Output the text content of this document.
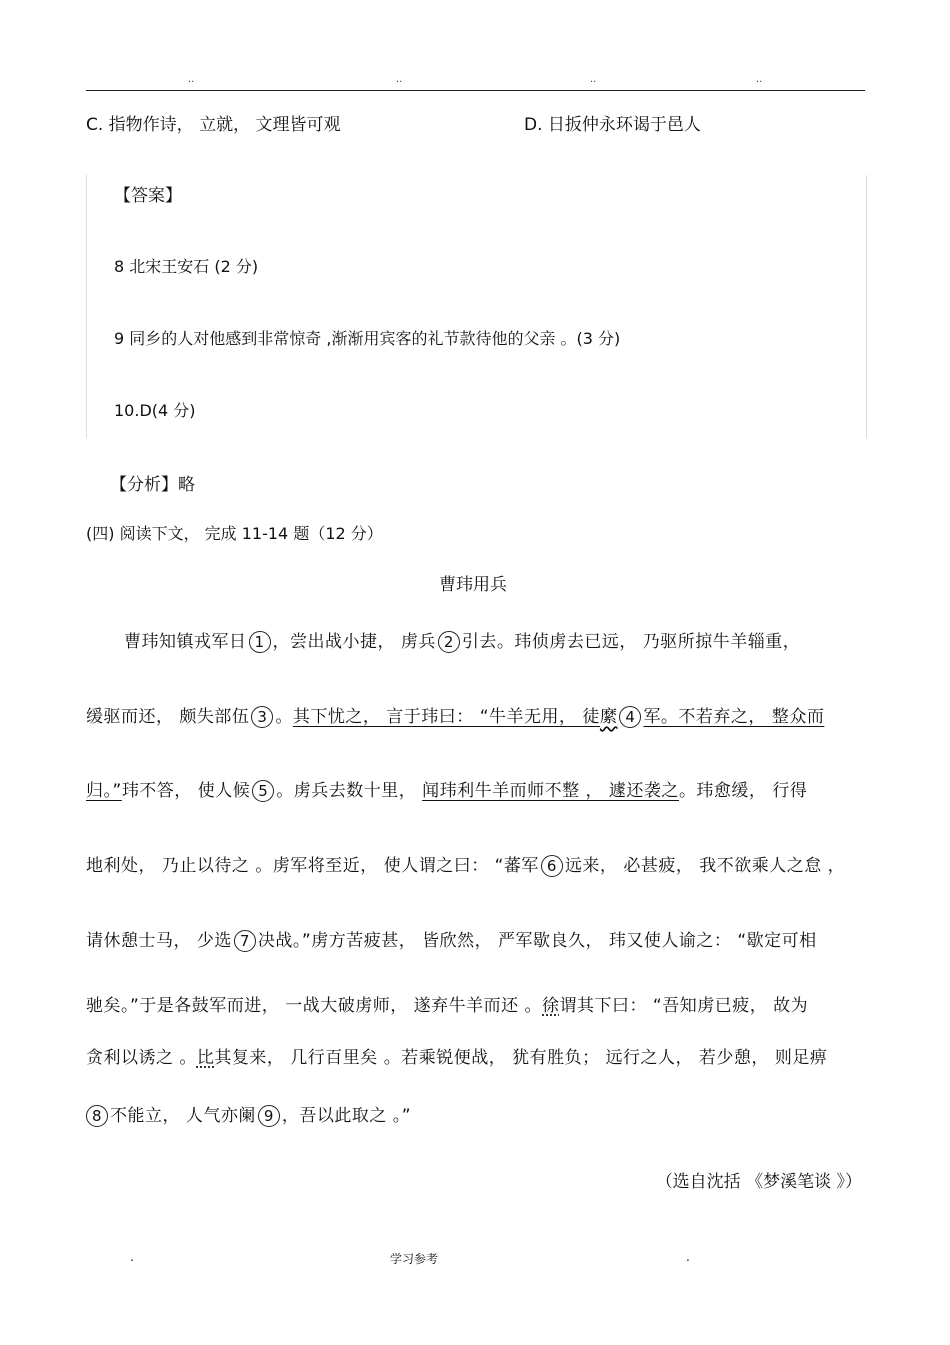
..	..	..	..
C. 指物作诗， 立就， 文理皆可观	D. 日扳仲永环谒于邑人
【答案】
8 北宋王安石 (2 分)
9 同乡的人对他感到非常惊奇 ,渐渐用宾客的礼节款待他的父亲 。(3 分)
10.D(4 分)
【分析】略
(四) 阅读下文， 完成 11-14 题（12 分）
曹玮用兵
曹玮知镇戎军日 1 ，尝出战小捷， 虏兵 2 引去。玮侦虏去已远， 乃驱所掠牛羊辎重，
缓驱而还， 颇失部伍 3 。其下忧之， 言于玮曰： “牛羊无用， 徒縻 4 军。不若弃之， 整众而
归。”玮不答， 使人候 5 。虏兵去数十里， 闻玮利牛羊而师不整 ， 遽还袭之。玮愈缓， 行得
地利处， 乃止以待之 。虏军将至近， 使人谓之曰： “蕃军 6 远来， 必甚疲， 我不欲乘人之怠 ，
请休憩士马， 少选 7 决战。”虏方苦疲甚， 皆欣然， 严军歇良久， 玮又使人谕之： “歇定可相
驰矣。”于是各鼓军而进， 一战大破虏师， 遂弃牛羊而还 。徐谓其下曰： “吾知虏已疲， 故为
贪利以诱之 。比其复来， 几行百里矣 。若乘锐便战， 犹有胜负； 远行之人， 若少憩， 则足痹
8 不能立， 人气亦阑 9 ，吾以此取之 。”
（选自沈括 《梦溪笔谈 》）
.	学习参考	.
